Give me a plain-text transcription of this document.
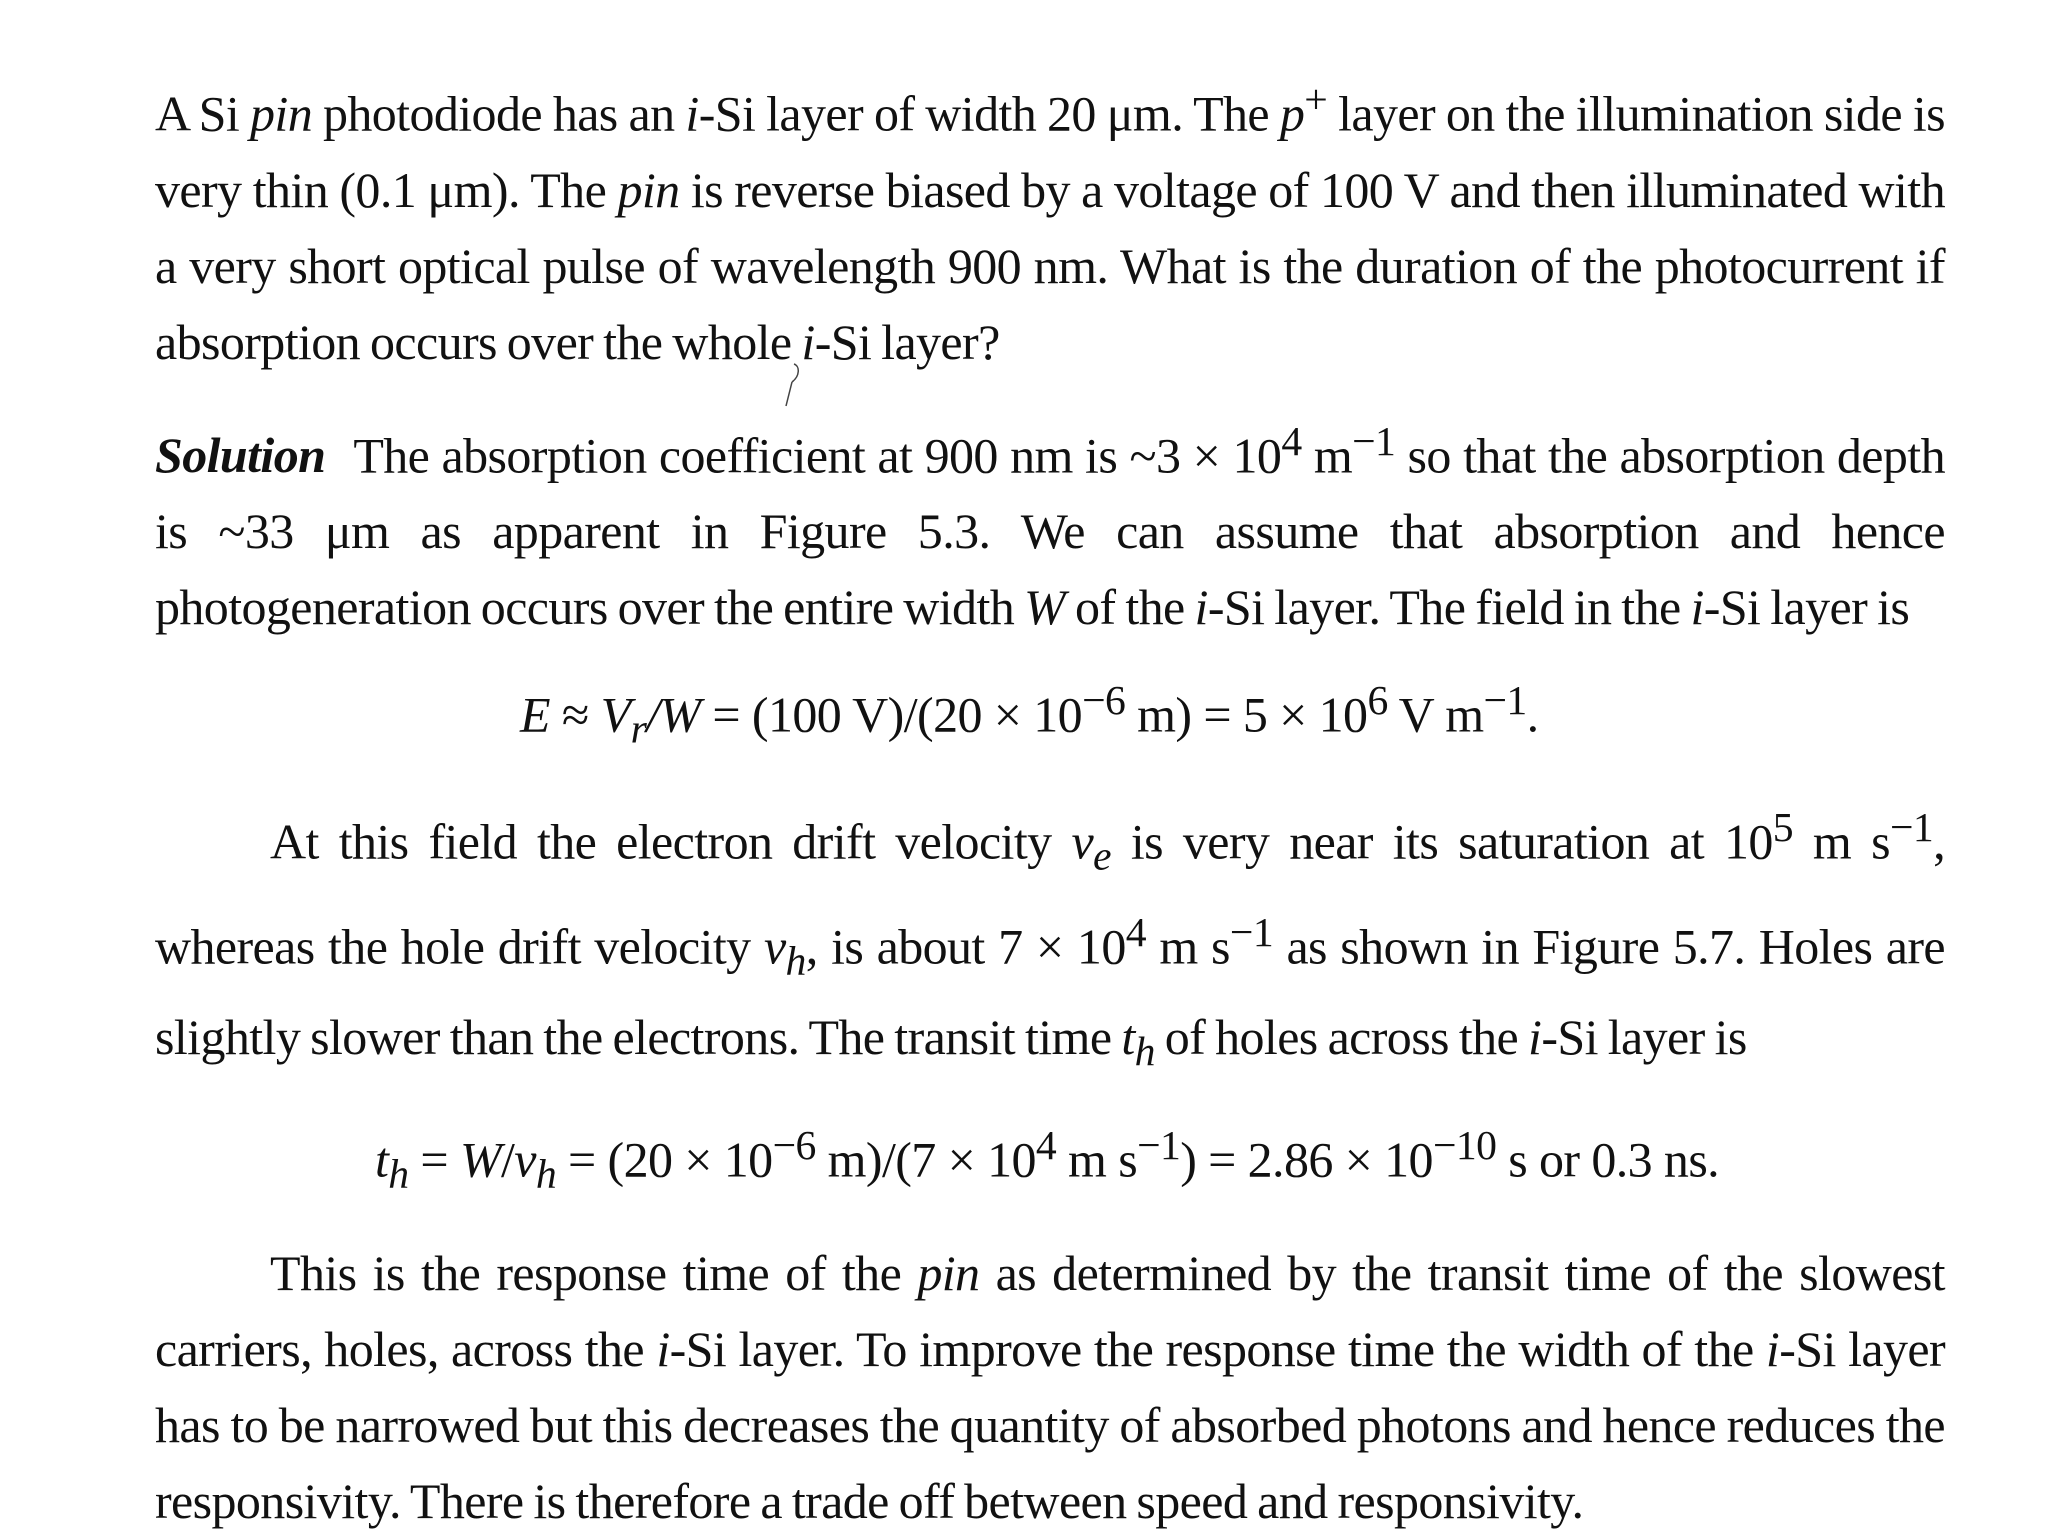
A Si pin photodiode has an i-Si layer of width 20 μm. The p+ layer on the illumination side is very thin (0.1 μm). The pin is reverse biased by a voltage of 100 V and then illuminated with a very short optical pulse of wavelength 900 nm. What is the duration of the photocurrent if absorption occurs over the whole i-Si layer?

Solution The absorption coefficient at 900 nm is ~3 × $10^4$ $m^{-1}$ so that the absorption depth is ~33 μm as apparent in Figure 5.3. We can assume that absorption and hence photogeneration occurs over the entire width W of the i-Si layer. The field in the i-Si layer is

$E \approx V_r/W = (100$ $V)/(20 \times 10^{-6}$ $m) = 5 \times 10^6$ V $m^{-1}$.

At this field the electron drift velocity $v_e$ is very near its saturation at $10^5$ m $s^{-1}$, whereas the hole drift velocity $v_h$, is about $7 \times 10^4$ m $s^{-1}$ as shown in Figure 5.7. Holes are slightly slower than the electrons. The transit time $t_h$ of holes across the i-Si layer is

$t_h = W/v_h = (20 \times 10^{-6}$ $m)/(7 \times 10^4$ m $s^{-1}) = 2.86 \times 10^{-10}$ s or 0.3 ns.

This is the response time of the pin as determined by the transit time of the slowest carriers, holes, across the i-Si layer. To improve the response time the width of the i-Si layer has to be narrowed but this decreases the quantity of absorbed photons and hence reduces the responsivity. There is therefore a trade off between speed and responsivity.
